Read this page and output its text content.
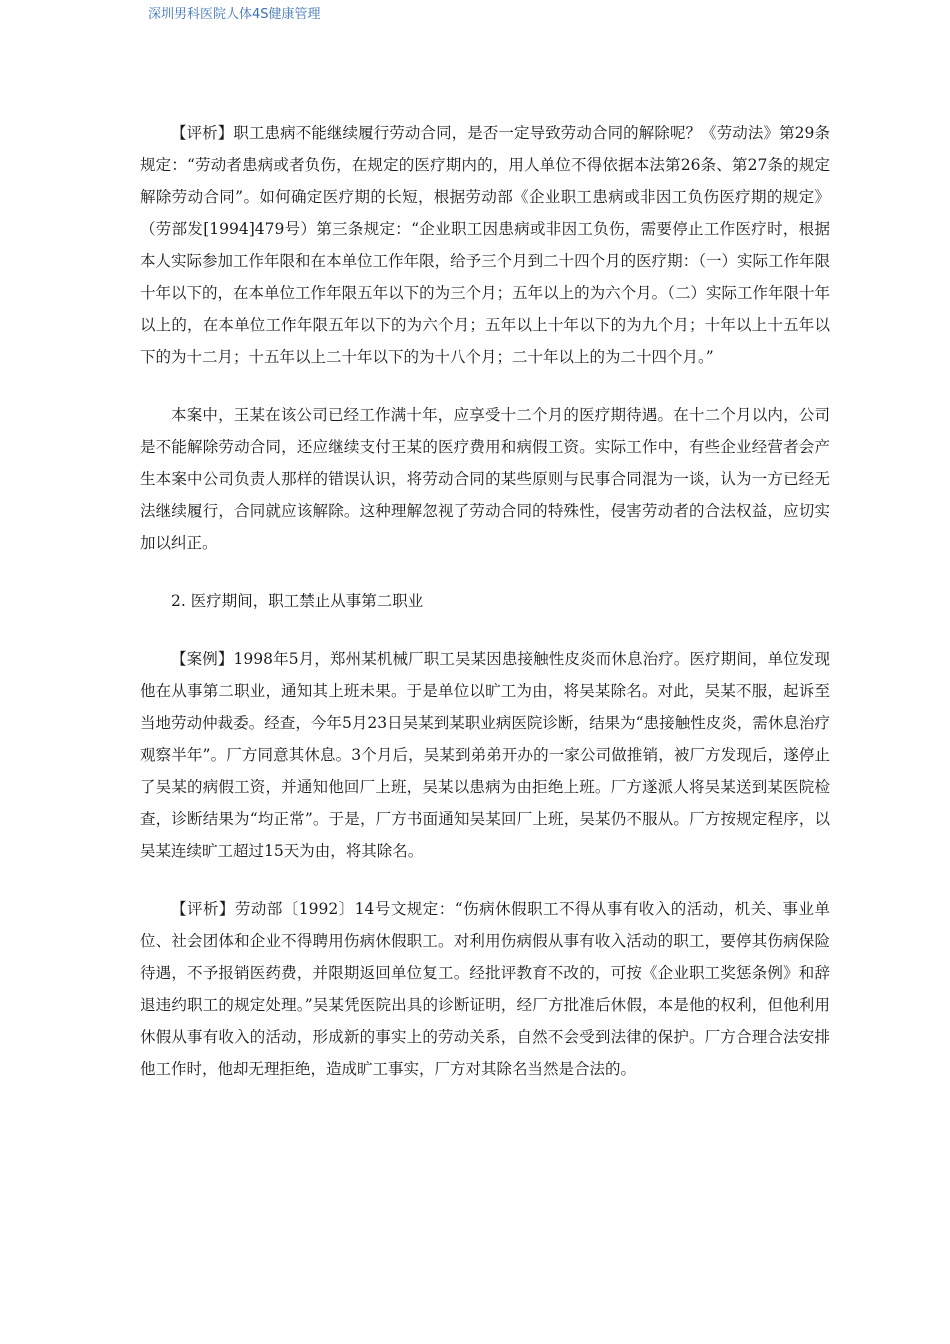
深圳男科医院人体4S健康管理

【评析】职工患病不能继续履行劳动合同，是否一定导致劳动合同的解除呢？《劳动法》第29条规定：“劳动者患病或者负伤，在规定的医疗期内的，用人单位不得依据本法第26条、第27条的规定解除劳动合同”。如何确定医疗期的长短，根据劳动部《企业职工患病或非因工负伤医疗期的规定》（劳部发[1994]479号）第三条规定：“企业职工因患病或非因工负伤，需要停止工作医疗时，根据本人实际参加工作年限和在本单位工作年限，给予三个月到二十四个月的医疗期：（一）实际工作年限十年以下的，在本单位工作年限五年以下的为三个月；五年以上的为六个月。（二）实际工作年限十年以上的，在本单位工作年限五年以下的为六个月；五年以上十年以下的为九个月；十年以上十五年以下的为十二月；十五年以上二十年以下的为十八个月；二十年以上的为二十四个月。”

本案中，王某在该公司已经工作满十年，应享受十二个月的医疗期待遇。在十二个月以内，公司是不能解除劳动合同，还应继续支付王某的医疗费用和病假工资。实际工作中，有些企业经营者会产生本案中公司负责人那样的错误认识，将劳动合同的某些原则与民事合同混为一谈，认为一方已经无法继续履行，合同就应该解除。这种理解忽视了劳动合同的特殊性，侵害劳动者的合法权益，应切实加以纠正。

2. 医疗期间，职工禁止从事第二职业

【案例】1998年5月，郑州某机械厂职工吴某因患接触性皮炎而休息治疗。医疗期间，单位发现他在从事第二职业，通知其上班未果。于是单位以旷工为由，将吴某除名。对此，吴某不服，起诉至当地劳动仲裁委。经查，今年5月23日吴某到某职业病医院诊断，结果为“患接触性皮炎，需休息治疗观察半年”。厂方同意其休息。3个月后，吴某到弟弟开办的一家公司做推销，被厂方发现后，遂停止了吴某的病假工资，并通知他回厂上班，吴某以患病为由拒绝上班。厂方遂派人将吴某送到某医院检查，诊断结果为“均正常”。于是，厂方书面通知吴某回厂上班，吴某仍不服从。厂方按规定程序，以吴某连续旷工超过15天为由，将其除名。

【评析】劳动部〔1992〕14号文规定：“伤病休假职工不得从事有收入的活动，机关、事业单位、社会团体和企业不得聘用伤病休假职工。对利用伤病假从事有收入活动的职工，要停其伤病保险待遇，不予报销医药费，并限期返回单位复工。经批评教育不改的，可按《企业职工奖惩条例》和辞退违约职工的规定处理。”吴某凭医院出具的诊断证明，经厂方批准后休假，本是他的权利，但他利用休假从事有收入的活动，形成新的事实上的劳动关系，自然不会受到法律的保护。厂方合理合法安排他工作时，他却无理拒绝，造成旷工事实，厂方对其除名当然是合法的。
